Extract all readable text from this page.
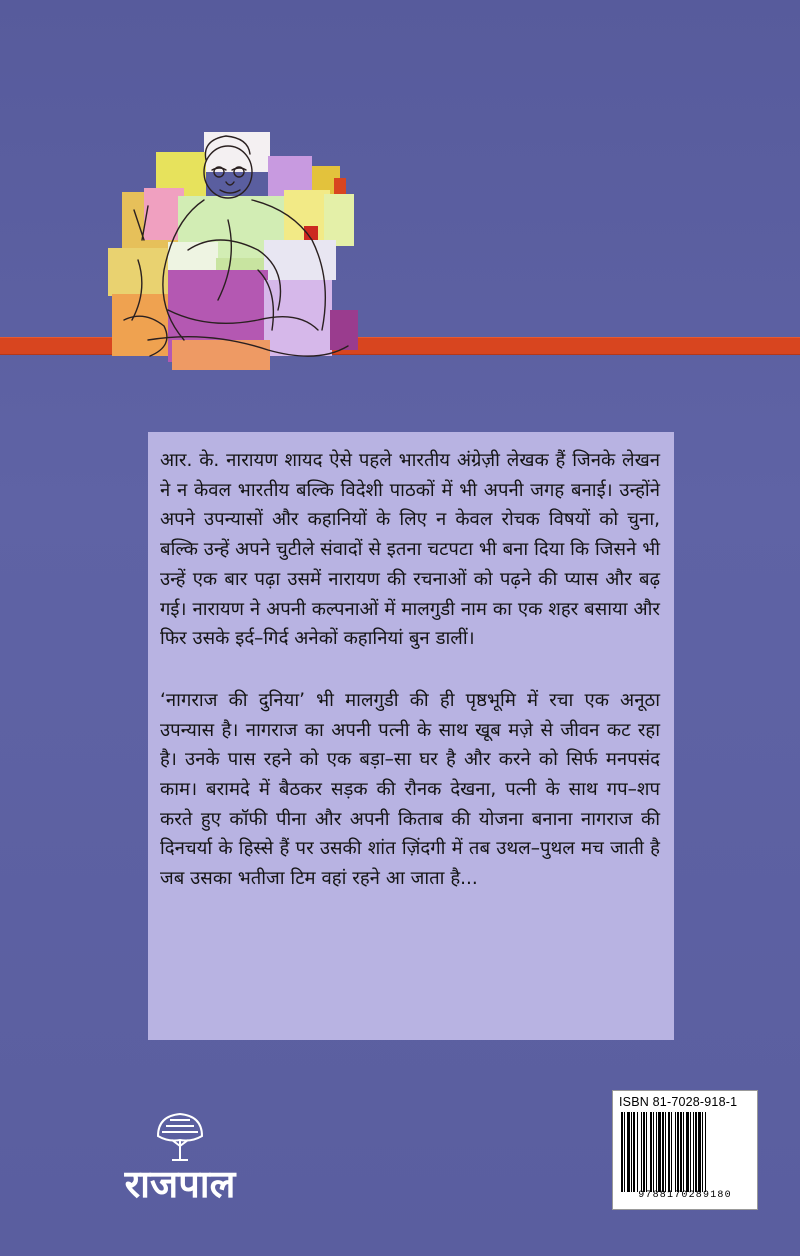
आर. के. नारायण शायद ऐसे पहले भारतीय अंग्रेज़ी लेखक हैं जिनके लेखन ने न केवल भारतीय बल्कि विदेशी पाठकों में भी अपनी जगह बनाई। उन्होंने अपने उपन्यासों और कहानियों के लिए न केवल रोचक विषयों को चुना, बल्कि उन्हें अपने चुटीले संवादों से इतना चटपटा भी बना दिया कि जिसने भी उन्हें एक बार पढ़ा उसमें नारायण की रचनाओं को पढ़ने की प्यास और बढ़ गई। नारायण ने अपनी कल्पनाओं में मालगुडी नाम का एक शहर बसाया और फिर उसके इर्द–गिर्द अनेकों कहानियां बुन डालीं।

‘नागराज की दुनिया’ भी मालगुडी की ही पृष्ठभूमि में रचा एक अनूठा उपन्यास है। नागराज का अपनी पत्नी के साथ खूब मज़े से जीवन कट रहा है। उनके पास रहने को एक बड़ा–सा घर है और करने को सिर्फ मनपसंद काम। बरामदे में बैठकर सड़क की रौनक देखना, पत्नी के साथ गप–शप करते हुए कॉफी पीना और अपनी किताब की योजना बनाना नागराज की दिनचर्या के हिस्से हैं पर उसकी शांत ज़िंदगी में तब उथल–पुथल मच जाती है जब उसका भतीजा टिम वहां रहने आ जाता है...

राजपाल
ISBN 81-7028-918-1
9788170289180
